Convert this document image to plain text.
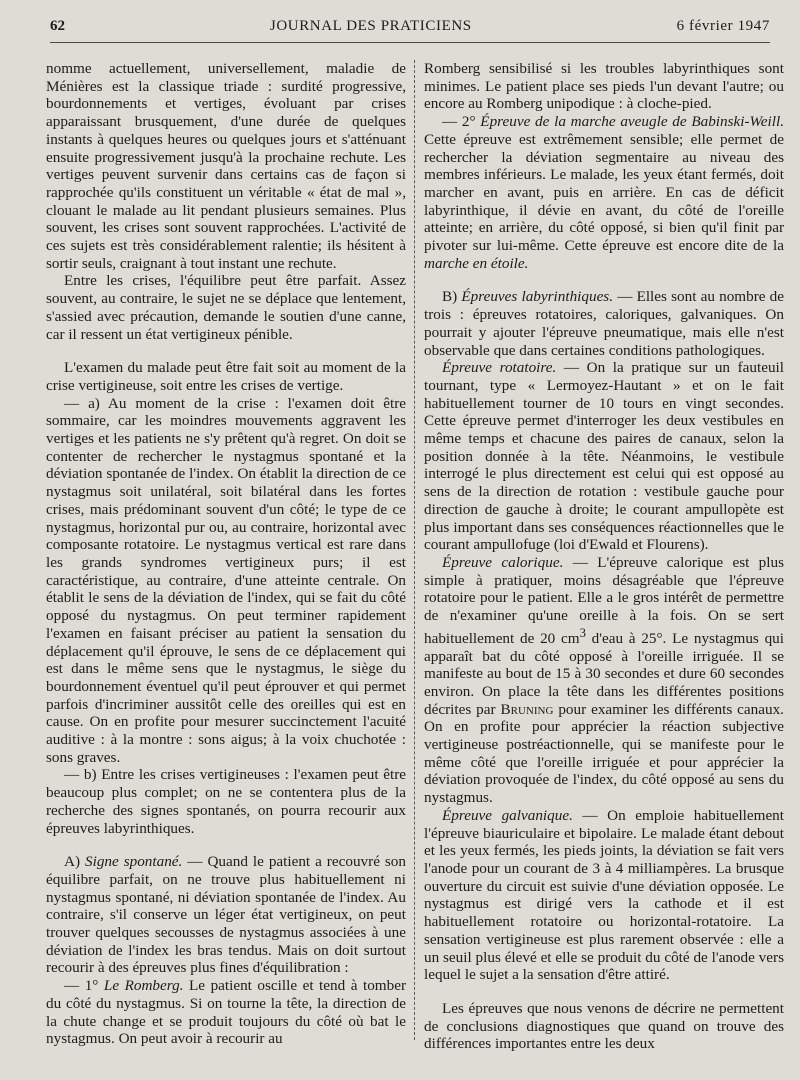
62	JOURNAL DES PRATICIENS	6 février 1947

nomme actuellement, universellement, maladie de Ménières est la classique triade : surdité progressive, bourdonnements et vertiges, évoluant par crises apparaissant brusquement, d'une durée de quelques instants à quelques heures ou quelques jours et s'atténuant ensuite progressivement jusqu'à la prochaine rechute. Les vertiges peuvent survenir dans certains cas de façon si rapprochée qu'ils constituent un véritable « état de mal », clouant le malade au lit pendant plusieurs semaines. Plus souvent, les crises sont souvent rapprochées. L'activité de ces sujets est très considérablement ralentie; ils hésitent à sortir seuls, craignant à tout instant une rechute.

Entre les crises, l'équilibre peut être parfait. Assez souvent, au contraire, le sujet ne se déplace que lentement, s'assied avec précaution, demande le soutien d'une canne, car il ressent un état vertigineux pénible.

L'examen du malade peut être fait soit au moment de la crise vertigineuse, soit entre les crises de vertige.

— a) Au moment de la crise : l'examen doit être sommaire, car les moindres mouvements aggravent les vertiges et les patients ne s'y prêtent qu'à regret. On doit se contenter de rechercher le nystagmus spontané et la déviation spontanée de l'index. On établit la direction de ce nystagmus soit unilatéral, soit bilatéral dans les fortes crises, mais prédominant souvent d'un côté; le type de ce nystagmus, horizontal pur ou, au contraire, horizontal avec composante rotatoire. Le nystagmus vertical est rare dans les grands syndromes vertigineux purs; il est caractéristique, au contraire, d'une atteinte centrale. On établit le sens de la déviation de l'index, qui se fait du côté opposé du nystagmus. On peut terminer rapidement l'examen en faisant préciser au patient la sensation du déplacement qu'il éprouve, le sens de ce déplacement qui est dans le même sens que le nystagmus, le siège du bourdonnement éventuel qu'il peut éprouver et qui permet parfois d'incriminer aussitôt celle des oreilles qui est en cause. On en profite pour mesurer succinctement l'acuité auditive : à la montre : sons aigus; à la voix chuchotée : sons graves.

— b) Entre les crises vertigineuses : l'examen peut être beaucoup plus complet; on ne se contentera plus de la recherche des signes spontanés, on pourra recourir aux épreuves labyrinthiques.

A) Signe spontané. — Quand le patient a recouvré son équilibre parfait, on ne trouve plus habituellement ni nystagmus spontané, ni déviation spontanée de l'index. Au contraire, s'il conserve un léger état vertigineux, on peut trouver quelques secousses de nystagmus associées à une déviation de l'index les bras tendus. Mais on doit surtout recourir à des épreuves plus fines d'équilibration :

— 1° Le Romberg. Le patient oscille et tend à tomber du côté du nystagmus. Si on tourne la tête, la direction de la chute change et se produit toujours du côté où bat le nystagmus. On peut avoir à recourir au

Romberg sensibilisé si les troubles labyrinthiques sont minimes. Le patient place ses pieds l'un devant l'autre; ou encore au Romberg unipodique : à cloche-pied.

— 2° Épreuve de la marche aveugle de Babinski-Weill. Cette épreuve est extrêmement sensible; elle permet de rechercher la déviation segmentaire au niveau des membres inférieurs. Le malade, les yeux étant fermés, doit marcher en avant, puis en arrière. En cas de déficit labyrinthique, il dévie en avant, du côté de l'oreille atteinte; en arrière, du côté opposé, si bien qu'il finit par pivoter sur lui-même. Cette épreuve est encore dite de la marche en étoile.

B) Épreuves labyrinthiques. — Elles sont au nombre de trois : épreuves rotatoires, caloriques, galvaniques. On pourrait y ajouter l'épreuve pneumatique, mais elle n'est observable que dans certaines conditions pathologiques.

Épreuve rotatoire. — On la pratique sur un fauteuil tournant, type « Lermoyez-Hautant » et on le fait habituellement tourner de 10 tours en vingt secondes. Cette épreuve permet d'interroger les deux vestibules en même temps et chacune des paires de canaux, selon la position donnée à la tête. Néanmoins, le vestibule interrogé le plus directement est celui qui est opposé au sens de la direction de rotation : vestibule gauche pour direction de gauche à droite; le courant ampullopète est plus important dans ses conséquences réactionnelles que le courant ampullofuge (loi d'Ewald et Flourens).

Épreuve calorique. — L'épreuve calorique est plus simple à pratiquer, moins désagréable que l'épreuve rotatoire pour le patient. Elle a le gros intérêt de permettre de n'examiner qu'une oreille à la fois. On se sert habituellement de 20 $cm^3$ d'eau à 25°. Le nystagmus qui apparaît bat du côté opposé à l'oreille irriguée. Il se manifeste au bout de 15 à 30 secondes et dure 60 secondes environ. On place la tête dans les différentes positions décrites par Bruning pour examiner les différents canaux. On en profite pour apprécier la réaction subjective vertigineuse postréactionnelle, qui se manifeste pour le même côté que l'oreille irriguée et pour apprécier la déviation provoquée de l'index, du côté opposé au sens du nystagmus.

Épreuve galvanique. — On emploie habituellement l'épreuve biauriculaire et bipolaire. Le malade étant debout et les yeux fermés, les pieds joints, la déviation se fait vers l'anode pour un courant de 3 à 4 milliampères. La brusque ouverture du circuit est suivie d'une déviation opposée. Le nystagmus est dirigé vers la cathode et il est habituellement rotatoire ou horizontal-rotatoire. La sensation vertigineuse est plus rarement observée : elle a un seuil plus élevé et elle se produit du côté de l'anode vers lequel le sujet a la sensation d'être attiré.

Les épreuves que nous venons de décrire ne permettent de conclusions diagnostiques que quand on trouve des différences importantes entre les deux
